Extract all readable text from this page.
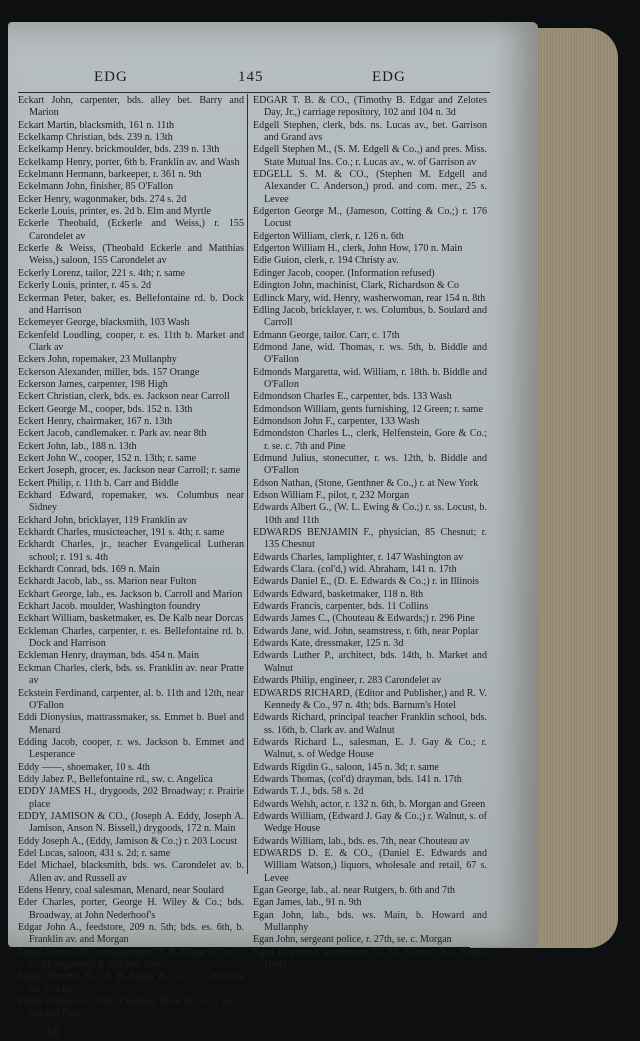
EDG	145	EDG

Eckart John, carpenter, bds. alley bet. Barry and Marion

Eckart Martin, blacksmith, 161 n. 11th

Eckelkamp Christian, bds. 239 n. 13th

Eckelkamp Henry. brickmoulder, bds. 239 n. 13th

Eckelkamp Henry, porter, 6th b. Franklin av. and Wash

Eckelmann Hermann, barkeeper, r. 361 n. 9th

Eckelmann John, finisher, 85 O'Fallon

Ecker Henry, wagonmaker, bds. 274 s. 2d

Eckerle Louis, printer, es. 2d b. Elm and Myrtle

Eckerle Theobald, (Eckerle and Weiss,) r. 155 Carondelet av

Eckerle & Weiss, (Theobald Eckerle and Matthias Weiss,) saloon, 155 Carondelet av

Eckerly Lorenz, tailor, 221 s. 4th; r. same

Eckerly Louis, printer, r. 45 s. 2d

Eckerman Peter, baker, es. Bellefontaine rd. b. Dock and Harrison

Eckemeyer George, blacksmith, 103 Wash

Eckenfeld Loudling, cooper, r. es. 11th b. Market and Clark av

Eckers John, ropemaker, 23 Mullanphy

Eckerson Alexander, miller, bds. 157 Orange

Eckerson James, carpenter, 198 High

Eckert Christian, clerk, bds. es. Jackson near Carroll

Eckert George M., cooper, bds. 152 n. 13th

Eckert Henry, chairmaker, 167 n. 13th

Eckert Jacob, candlemaker. r. Park av. near 8th

Eckert John, lab., 188 n. 13th

Eckert John W., cooper, 152 n. 13th; r. same

Eckert Joseph, grocer, es. Jackson near Carroll; r. same

Eckert Philip, r. 11th b. Carr and Biddle

Eckhard Edward, ropemaker, ws. Columbus near Sidney

Eckhard John, bricklayer, 119 Franklin av

Eckhardt Charles, musicteacher, 191 s. 4th; r. same

Eckhardt Charles, jr., teacher Evangelical Lutheran school; r. 191 s. 4th

Eckhardt Conrad, bds. 169 n. Main

Eckhardt Jacob, lab., ss. Marion near Fulton

Eckhart George, lab., es. Jackson b. Carroll and Marion

Eckhart Jacob. moulder, Washington foundry

Eckhart William, basketmaker, es. De Kalb near Dorcas

Eckleman Charles, carpenter, r. es. Bellefontaine rd. b. Dock and Harrison

Eckleman Henry, drayman, bds. 454 n. Main

Eckman Charles, clerk, bds. ss. Franklin av. near Pratte av

Eckstein Ferdinand, carpenter, al. b. 11th and 12th, near O'Fallon

Eddi Dionysius, mattrassmaker, ss. Emmet b. Buel and Menard

Edding Jacob, cooper, r. ws. Jackson b. Emmet and Lesperance

Eddy ——, shoemaker, 10 s. 4th

Eddy Jabez P., Bellefontaine rd., sw. c. Angelica

EDDY JAMES H., drygoods, 202 Broadway; r. Prairie place

EDDY, JAMISON & CO., (Joseph A. Eddy, Joseph A. Jamison, Anson N. Bissell,) drygoods, 172 n. Main

Eddy Joseph A., (Eddy, Jamison & Co.;) r. 203 Locust

Edel Lucas, saloon, 431 s. 2d; r. same

Edel Michael, blacksmith, bds. ws. Carondelet av. b. Allen av. and Russell av

Edens Henry, coal salesman, Menard, near Soulard

Eder Charles, porter, George H. Wiley & Co.; bds. Broadway, at John Nederhoof's

Edgar John A., feedstore, 209 n. 5th; bds. es. 6th, b. Franklin av. and Morgan

Edgar Richard B., carriagemaker, T. B. Edgar & Co.; r. ss. Montgomery, b. 9th and 10th

Edgar Timothy B., (T. B. Edgar & Co.;) r. Chouteau av., c. 14th

Edgar William A., clerk, Charless, Blow & Co.; r. ne. c. 5th and Pine

10

EDGAR T. B. & CO., (Timothy B. Edgar and Zelotes Day, Jr.,) carriage repository, 102 and 104 n. 3d

Edgell Stephen, clerk, bds. ns. Lucas av., bet. Garrison and Grand avs

Edgell Stephen M., (S. M. Edgell & Co.,) and pres. Miss. State Mutual Ins. Co.; r. Lucas av., w. of Garrison av

EDGELL S. M. & CO., (Stephen M. Edgell and Alexander C. Anderson,) prod. and com. mer., 25 s. Levee

Edgerton George M., (Jameson, Cotting & Co.;) r. 176 Locust

Edgerton William, clerk, r. 126 n. 6th

Edgerton William H., clerk, John How, 170 n. Main

Edie Guion, clerk, r. 194 Christy av.

Edinger Jacob, cooper. (Information refused)

Edington John, machinist, Clark, Richardson & Co

Edlinck Mary, wid. Henry, washerwoman, rear 154 n. 8th

Edling Jacob, bricklayer, r. ws. Columbus, b. Soulard and Carroll

Edmann George, tailor. Carr, c. 17th

Edmond Jane, wid. Thomas, r. ws. 5th, b. Biddle and O'Fallon

Edmonds Margaretta, wid. William, r. 18th. b. Biddle and O'Fallon

Edmondson Charles E., carpenter, bds. 133 Wash

Edmondson William, gents furnishing, 12 Green; r. same

Edmondson John F., carpenter, 133 Wash

Edmondston Charles L., clerk, Helfenstein, Gore & Co.; r. se. c. 7th and Pine

Edmund Julius, stonecutter, r. ws. 12th, b. Biddle and O'Fallon

Edson Nathan, (Stone, Genthner & Co.,) r. at New York

Edson William F., pilot, r, 232 Morgan

Edwards Albert G., (W. L. Ewing & Co.;) r. ss. Locust, b. 10th and 11th

EDWARDS BENJAMIN F., physician, 85 Chesnut; r. 135 Chesnut

Edwards Charles, lamplighter, r. 147 Washington av

Edwards Clara. (col'd,) wid. Abraham, 141 n. 17th

Edwards Daniel E., (D. E. Edwards & Co.;) r. in Illinois

Edwards Edward, basketmaker, 118 n. 8th

Edwards Francis, carpenter, bds. 11 Collins

Edwards James C., (Chouteau & Edwards;) r. 296 Pine

Edwards Jane, wid. John, seamstress, r. 6th, near Poplar

Edwards Kate, dressmaker, 125 n. 3d

Edwards Luther P., architect, bds. 14th, b. Market and Walnut

Edwards Philip, engineer, r. 283 Carondelet av

EDWARDS RICHARD, (Editor and Publisher,) and R. V. Kennedy & Co., 97 n. 4th; bds. Barnum's Hotel

Edwards Richard, principal teacher Franklin school, bds. ss. 16th, b. Clark av. and Walnut

Edwards Richard L., salesman, E. J. Gay & Co.; r. Walnut, s. of Wedge House

Edwards Rigdin G., saloon, 145 n. 3d; r. same

Edwards Thomas, (col'd) drayman, bds. 141 n. 17th

Edwards T. J., bds. 58 s. 2d

Edwards Welsh, actor, r. 132 n. 6th, b. Morgan and Green

Edwards William, (Edward J. Gay & Co.;) r. Walnut, s. of Wedge House

Edwards William, lab., bds. es. 7th, near Chouteau av

EDWARDS D. E. & CO., (Daniel E. Edwards and William Watson,) liquors, wholesale and retail, 67 s. Levee

Egan George, lab., al. near Rutgers, b. 6th and 7th

Egan James, lab., 91 n. 9th

Egan John, lab., bds. ws. Main, b. Howard and Mullanphy

Egan John, sergeant police, r. 27th, se. c. Morgan

Egan Lawrence, accountant, W. M. Harlow; bds. King's Hotel
